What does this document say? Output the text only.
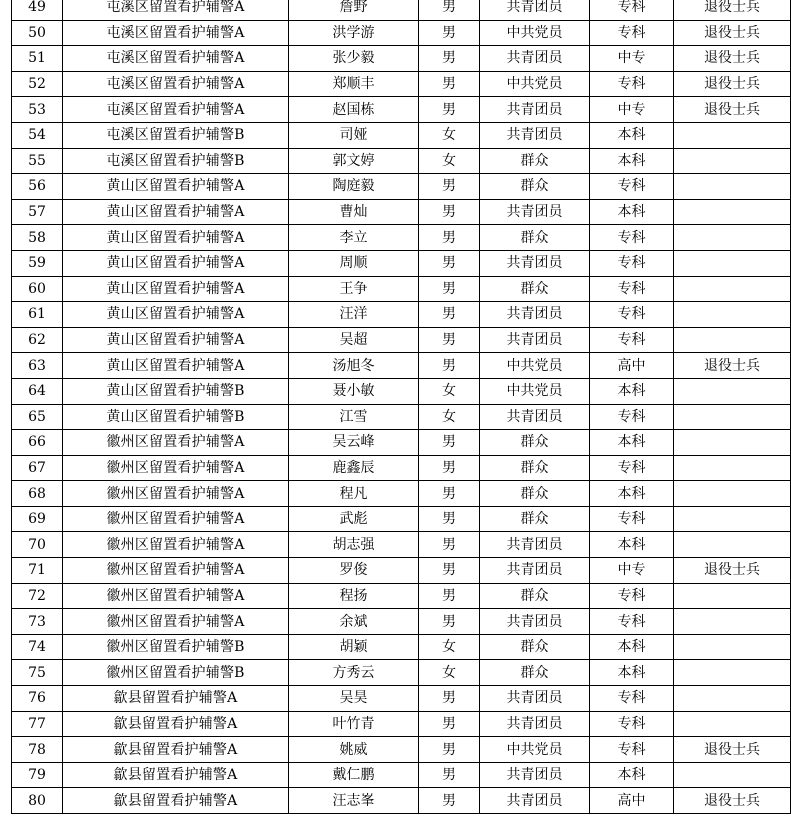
49	屯溪区留置看护辅警A	詹野	男	共青团员	专科	退役士兵
50	屯溪区留置看护辅警A	洪学游	男	中共党员	专科	退役士兵
51	屯溪区留置看护辅警A	张少毅	男	共青团员	中专	退役士兵
52	屯溪区留置看护辅警A	郑顺丰	男	中共党员	专科	退役士兵
53	屯溪区留置看护辅警A	赵国栋	男	共青团员	中专	退役士兵
54	屯溪区留置看护辅警B	司娅	女	共青团员	本科	
55	屯溪区留置看护辅警B	郭文婷	女	群众	本科	
56	黄山区留置看护辅警A	陶庭毅	男	群众	专科	
57	黄山区留置看护辅警A	曹灿	男	共青团员	本科	
58	黄山区留置看护辅警A	李立	男	群众	专科	
59	黄山区留置看护辅警A	周顺	男	共青团员	专科	
60	黄山区留置看护辅警A	王争	男	群众	专科	
61	黄山区留置看护辅警A	汪洋	男	共青团员	专科	
62	黄山区留置看护辅警A	吴超	男	共青团员	专科	
63	黄山区留置看护辅警A	汤旭冬	男	中共党员	高中	退役士兵
64	黄山区留置看护辅警B	聂小敏	女	中共党员	本科	
65	黄山区留置看护辅警B	江雪	女	共青团员	专科	
66	徽州区留置看护辅警A	吴云峰	男	群众	本科	
67	徽州区留置看护辅警A	鹿鑫辰	男	群众	专科	
68	徽州区留置看护辅警A	程凡	男	群众	本科	
69	徽州区留置看护辅警A	武彪	男	群众	专科	
70	徽州区留置看护辅警A	胡志强	男	共青团员	本科	
71	徽州区留置看护辅警A	罗俊	男	共青团员	中专	退役士兵
72	徽州区留置看护辅警A	程扬	男	群众	专科	
73	徽州区留置看护辅警A	余斌	男	共青团员	专科	
74	徽州区留置看护辅警B	胡颖	女	群众	本科	
75	徽州区留置看护辅警B	方秀云	女	群众	本科	
76	歙县留置看护辅警A	吴昊	男	共青团员	专科	
77	歙县留置看护辅警A	叶竹青	男	共青团员	专科	
78	歙县留置看护辅警A	姚威	男	中共党员	专科	退役士兵
79	歙县留置看护辅警A	戴仁鹏	男	共青团员	本科	
80	歙县留置看护辅警A	汪志峯	男	共青团员	高中	退役士兵
